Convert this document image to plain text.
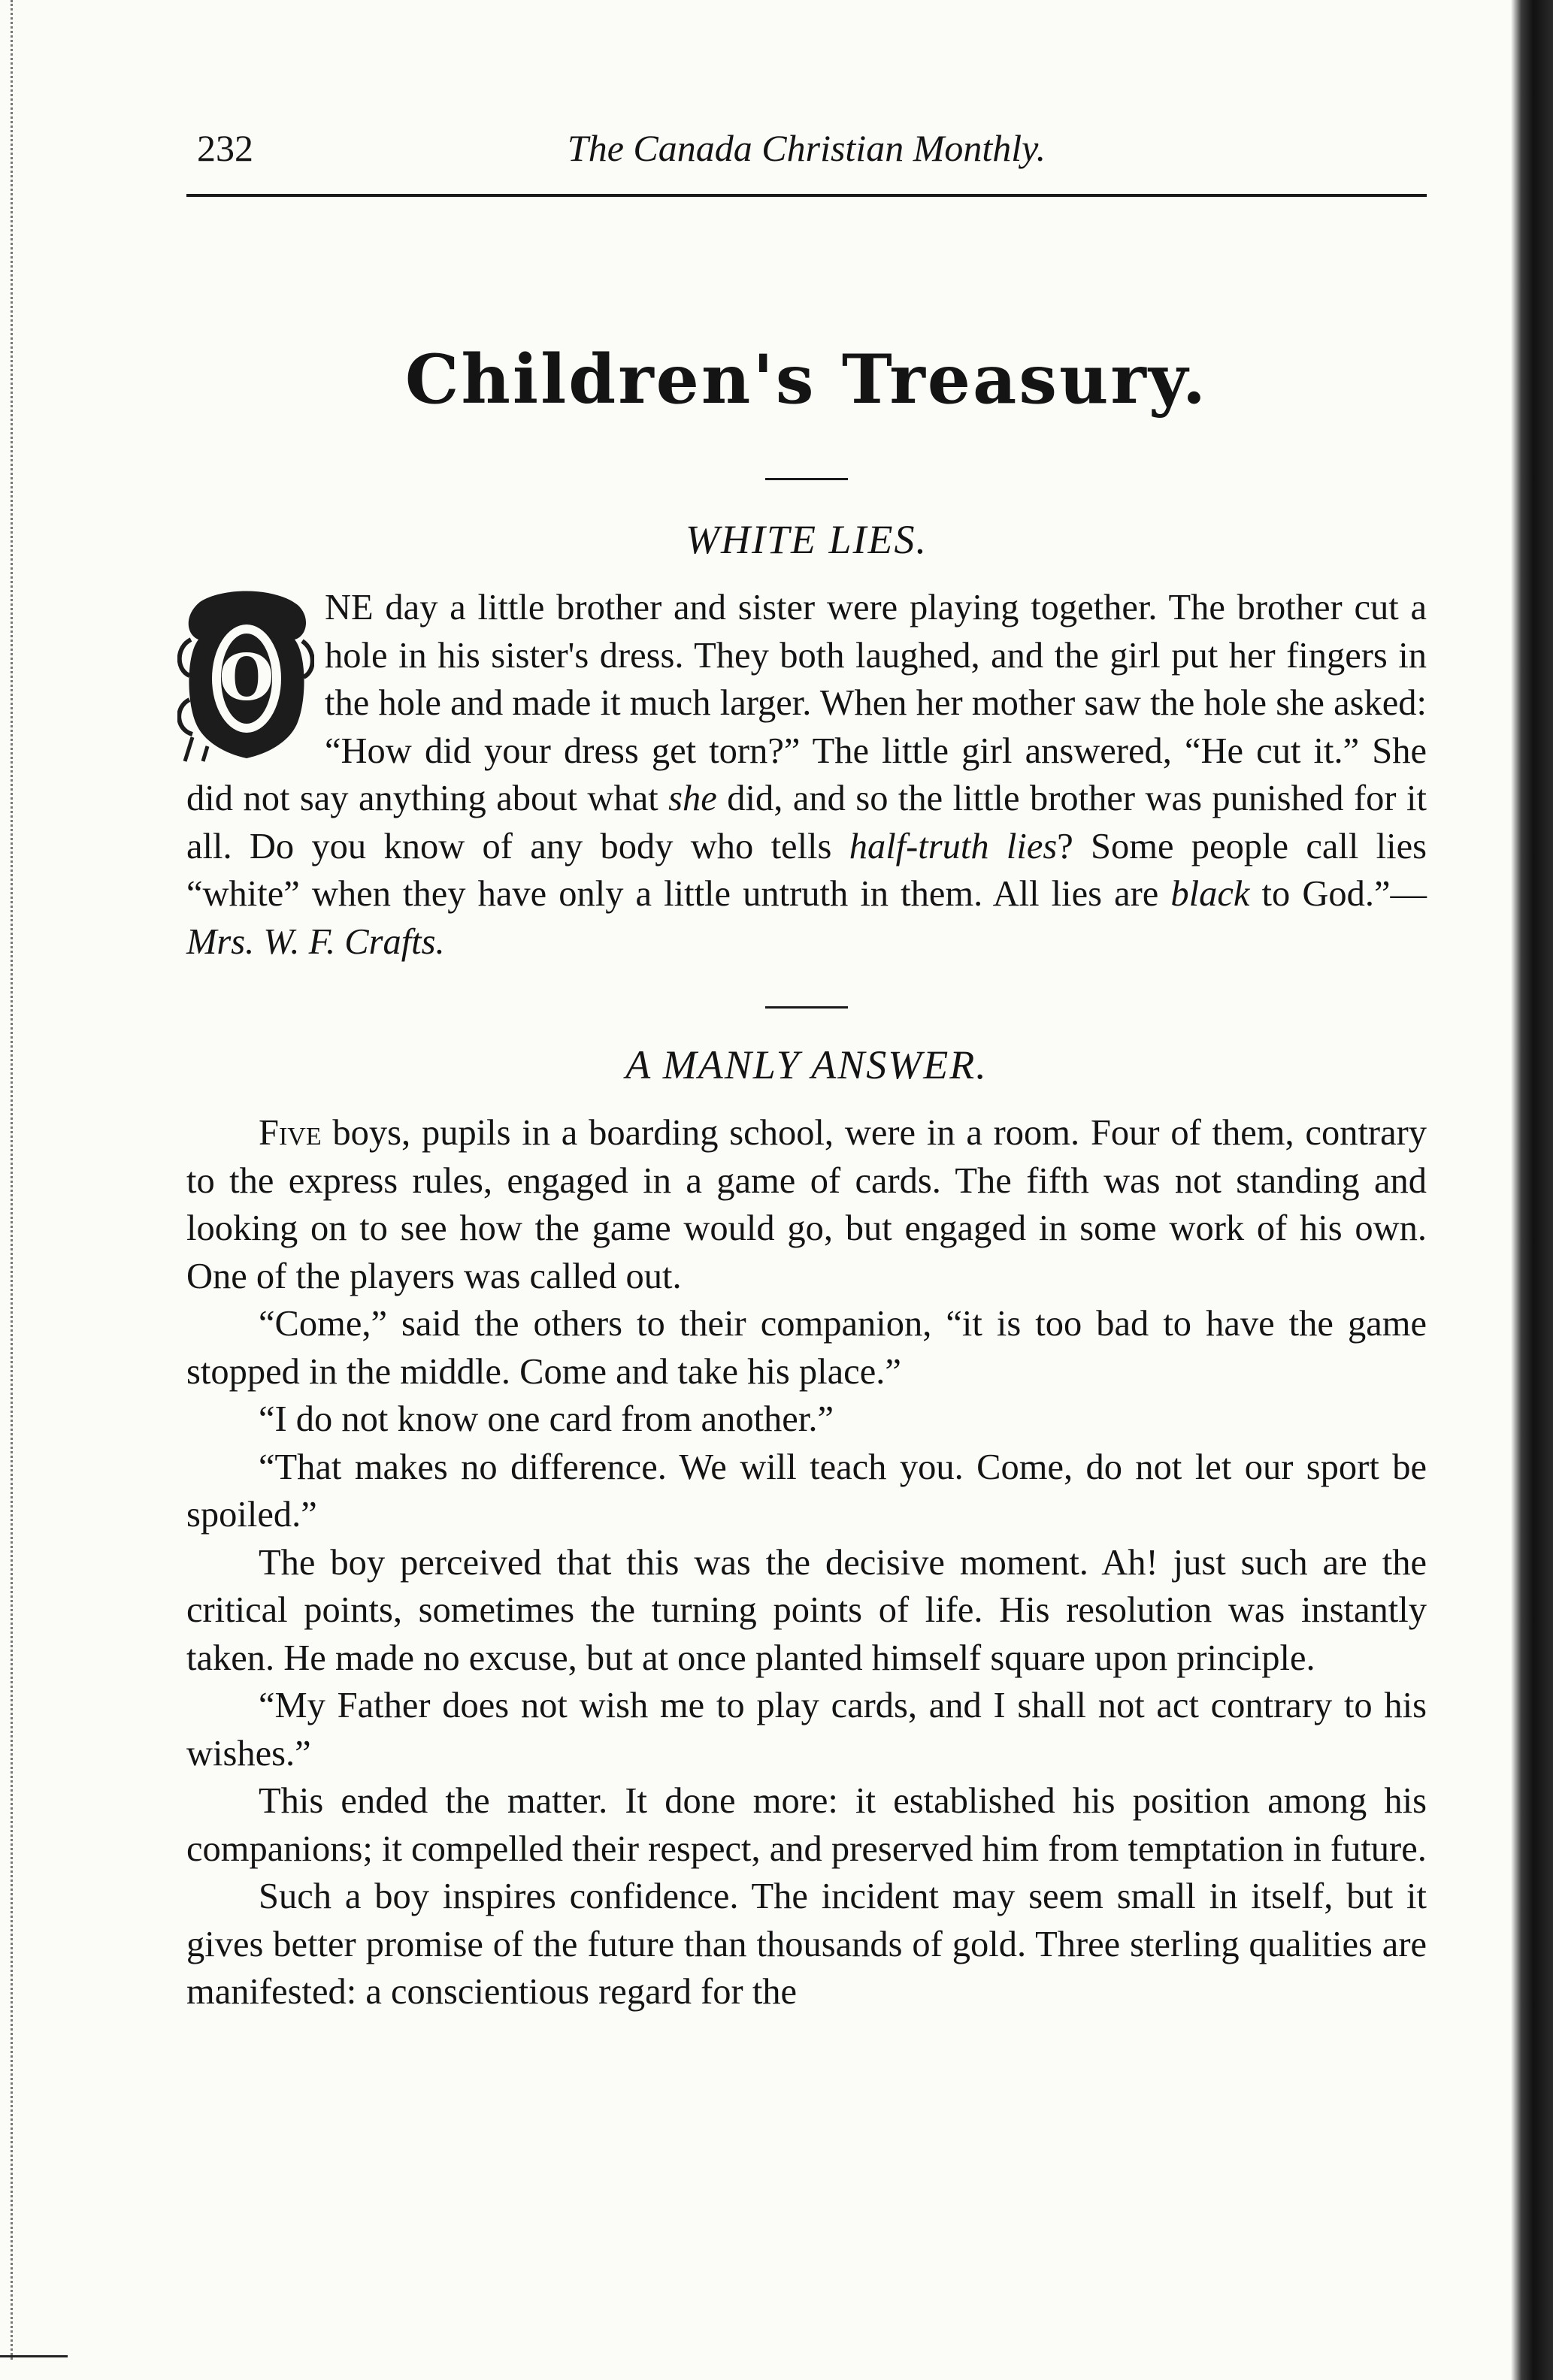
232	The Canada Christian Monthly.
Children's Treasury.
WHITE LIES.

O
NE day a little brother and sister were playing together. The brother cut a hole in his sister's dress. They both laughed, and the girl put her fingers in the hole and made it much larger. When her mother saw the hole she asked: “How did your dress get torn?” The little girl answered, “He cut it.” She did not say anything about what she did, and so the little brother was punished for it all. Do you know of any body who tells half-truth lies? Some people call lies “white” when they have only a little untruth in them. All lies are black to God.”—Mrs. W. F. Crafts.

A MANLY ANSWER.

Five boys, pupils in a boarding school, were in a room. Four of them, contrary to the express rules, engaged in a game of cards. The fifth was not standing and looking on to see how the game would go, but engaged in some work of his own. One of the players was called out.

“Come,” said the others to their companion, “it is too bad to have the game stopped in the middle. Come and take his place.”

“I do not know one card from another.”

“That makes no difference. We will teach you. Come, do not let our sport be spoiled.”

The boy perceived that this was the decisive moment. Ah! just such are the critical points, sometimes the turning points of life. His resolution was instantly taken. He made no excuse, but at once planted himself square upon principle.

“My Father does not wish me to play cards, and I shall not act contrary to his wishes.”

This ended the matter. It done more: it established his position among his companions; it compelled their respect, and preserved him from temptation in future.

Such a boy inspires confidence. The incident may seem small in itself, but it gives better promise of the future than thousands of gold. Three sterling qualities are manifested: a conscientious regard for the
